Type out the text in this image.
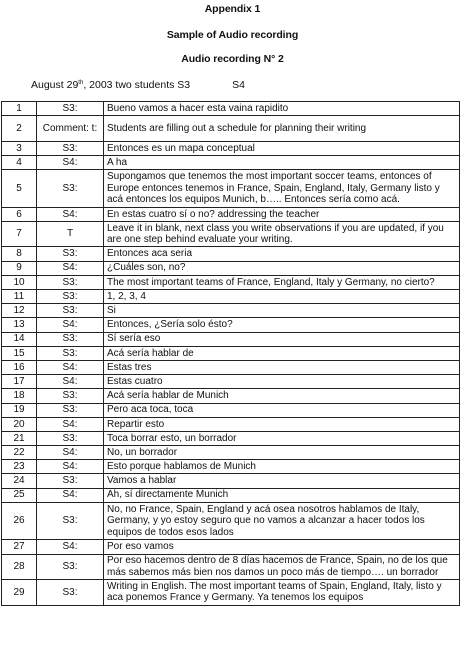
Appendix 1
Sample of Audio recording
Audio recording N° 2
August 29th, 2003 two students S3	S4
1	S3:	Bueno vamos a hacer esta vaina rapidito
2	Comment: t:	Students are filling out a schedule for planning their writing
3	S3:	Entonces es un mapa conceptual
4	S4:	A ha
5	S3:	Supongamos que tenemos the most important soccer teams, entonces of Europe entonces tenemos in France, Spain, England, Italy, Germany listo y acá entonces los equipos Munich, b….. Entonces sería como acá.
6	S4:	En estas cuatro sí o no? addressing the teacher
7	T	Leave it in blank, next class you write observations if you are updated, if you are one step behind evaluate your writing.
8	S3:	Entonces aca seria
9	S4:	¿Cuáles son, no?
10	S3:	The most important teams of France, England, Italy y Germany, no cierto?
11	S3:	1, 2, 3, 4
12	S3:	Si
13	S4:	Entonces, ¿Sería solo ésto?
14	S3:	Sí sería eso
15	S3:	Acá sería hablar de
16	S4:	Estas tres
17	S4:	Estas cuatro
18	S3:	Acá sería hablar de Munich
19	S3:	Pero aca toca, toca
20	S4:	Repartir esto
21	S3:	Toca borrar esto, un borrador
22	S4:	No, un borrador
23	S4:	Esto porque hablamos de Munich
24	S3:	Vamos a hablar
25	S4:	Ah, sí directamente Munich
26	S3:	No, no France, Spain, England y acá osea nosotros hablamos de Italy, Germany, y yo estoy seguro que no vamos a alcanzar a hacer todos los equipos de todos esos lados
27	S4:	Por eso vamos
28	S3:	Por eso hacemos dentro de 8 días hacemos de France, Spain, no de los que más sabemos más bien nos damos un poco más de tiempo…. un borrador
29	S3:	Writing in English. The most important teams of Spain, England, Italy, listo y aca ponemos France y Germany. Ya tenemos los equipos
